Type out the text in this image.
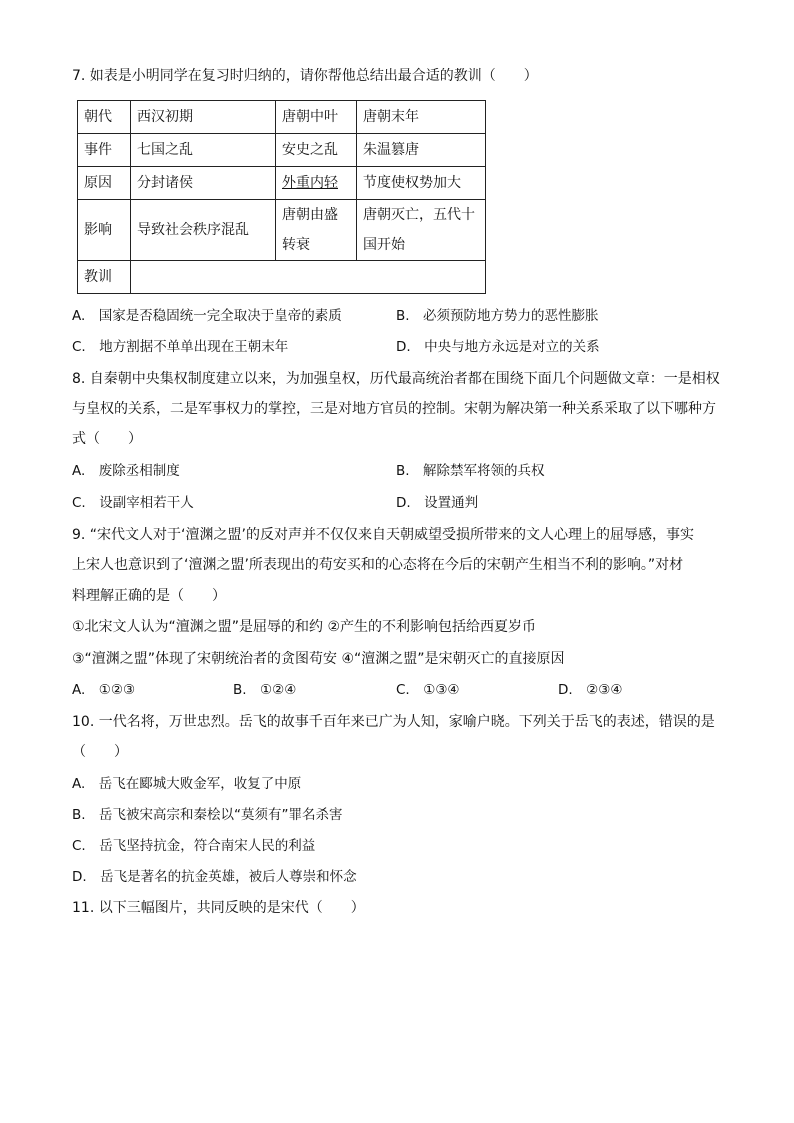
7. 如表是小明同学在复习时归纳的，请你帮他总结出最合适的教训（　　）
朝代	西汉初期	唐朝中叶	唐朝末年
事件	七国之乱	安史之乱	朱温篡唐
原因	分封诸侯	外重内轻	节度使权势加大
影响	导致社会秩序混乱	唐朝由盛转衰	唐朝灭亡，五代十国开始
教训			
A.　国家是否稳固统一完全取决于皇帝的素质	B.　必须预防地方势力的恶性膨胀
C.　地方割据不单单出现在王朝末年	D.　中央与地方永远是对立的关系
8. 自秦朝中央集权制度建立以来，为加强皇权，历代最高统治者都在围绕下面几个问题做文章：一是相权
与皇权的关系，二是军事权力的掌控，三是对地方官员的控制。宋朝为解决第一种关系采取了以下哪种方
式（　　）
A.　废除丞相制度	B.　解除禁军将领的兵权
C.　设副宰相若干人	D.　设置通判
9. “宋代文人对于‘澶渊之盟’的反对声并不仅仅来自天朝威望受损所带来的文人心理上的屈辱感，事实
上宋人也意识到了‘澶渊之盟’所表现出的苟安买和的心态将在今后的宋朝产生相当不利的影响。”对材
料理解正确的是（　　）
①北宋文人认为“澶渊之盟”是屈辱的和约 ②产生的不利影响包括给西夏岁币
③“澶渊之盟”体现了宋朝统治者的贪图苟安 ④“澶渊之盟”是宋朝灭亡的直接原因
A.　①②③	B.　①②④	C.　①③④	D.　②③④
10. 一代名将，万世忠烈。岳飞的故事千百年来已广为人知，家喻户晓。下列关于岳飞的表述，错误的是
（　　）
A.　岳飞在郾城大败金军，收复了中原
B.　岳飞被宋高宗和秦桧以“莫须有”罪名杀害
C.　岳飞坚持抗金，符合南宋人民的利益
D.　岳飞是著名的抗金英雄，被后人尊崇和怀念
11. 以下三幅图片，共同反映的是宋代（　　）
